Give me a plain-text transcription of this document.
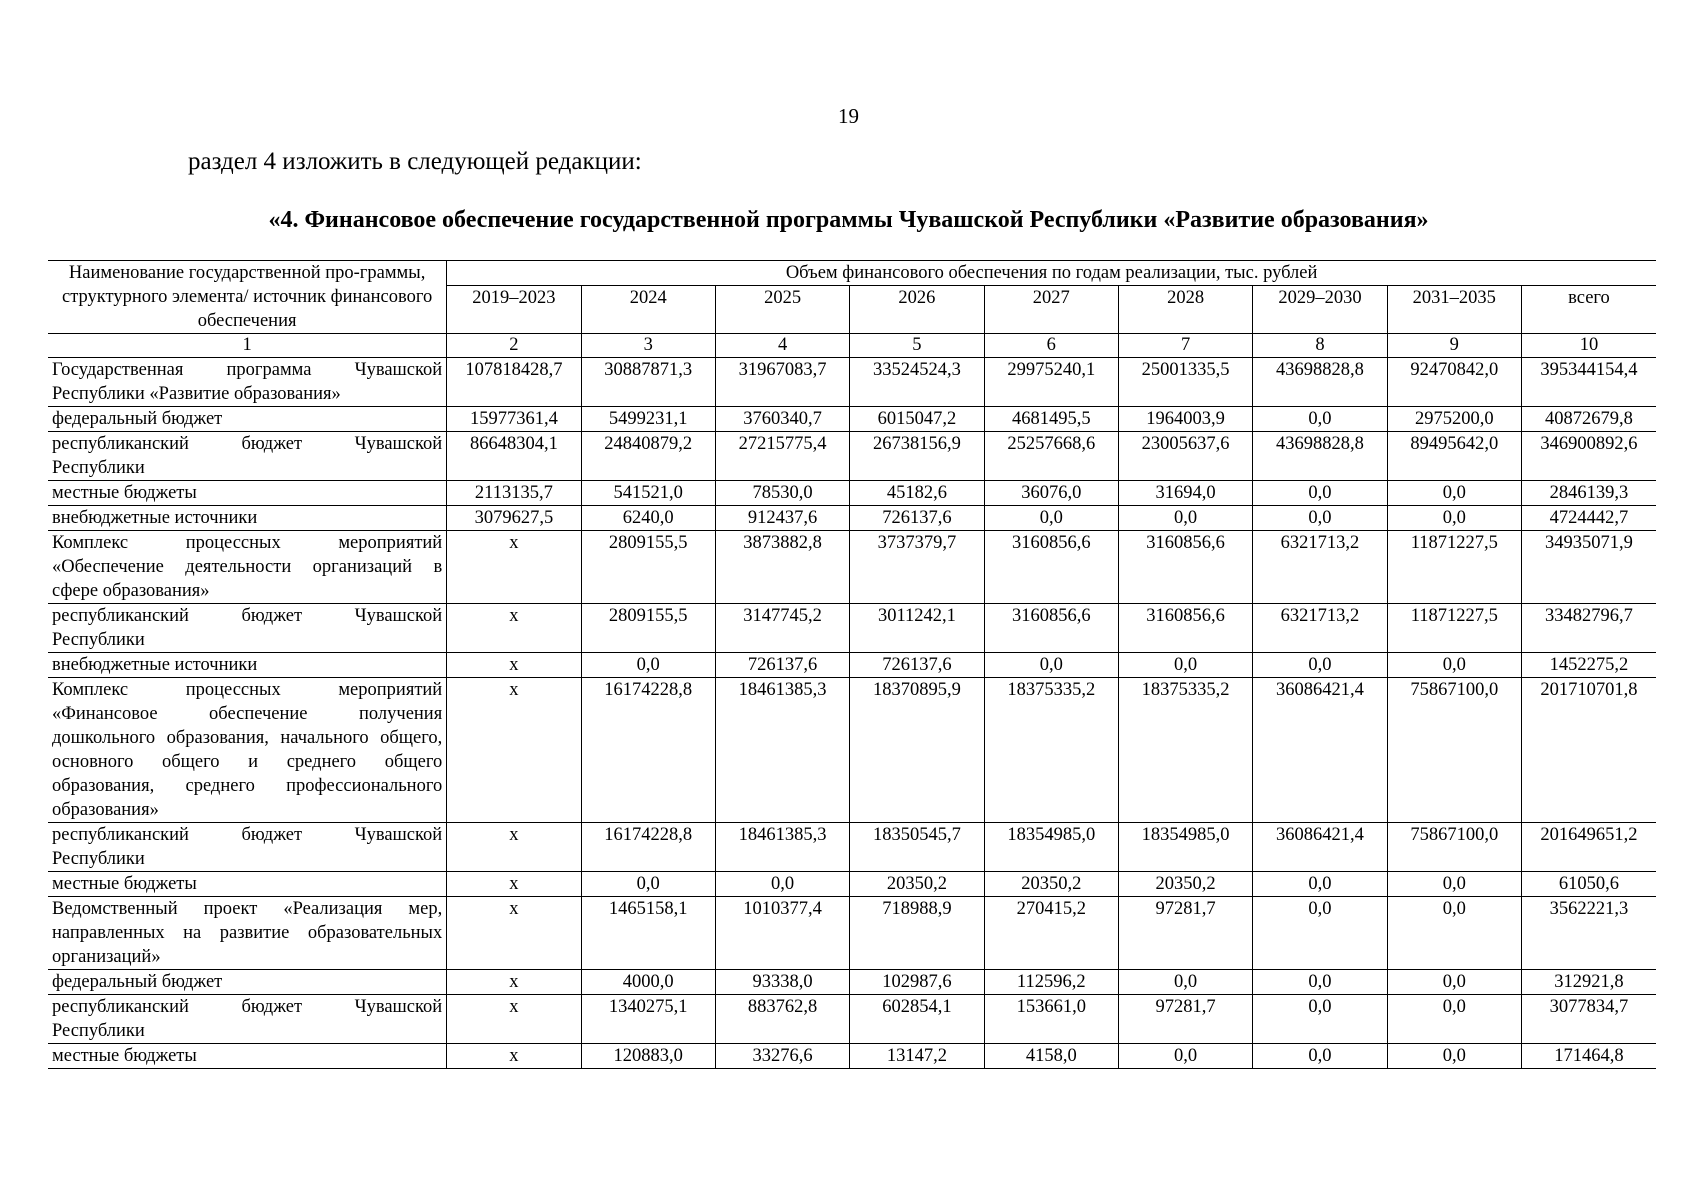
19
раздел 4 изложить в следующей редакции:
«4. Финансовое обеспечение государственной программы Чувашской Республики «Развитие образования»
Наименование государственной про-граммы, структурного элемента/ источник финансового обеспечения	Объем финансового обеспечения по годам реализации, тыс. рублей								
	2019–2023	2024	2025	2026	2027	2028	2029–2030	2031–2035	всего
1	2	3	4	5	6	7	8	9	10
Государственная программа Чувашской Республики «Развитие образования»	107818428,7	30887871,3	31967083,7	33524524,3	29975240,1	25001335,5	43698828,8	92470842,0	395344154,4
федеральный бюджет	15977361,4	5499231,1	3760340,7	6015047,2	4681495,5	1964003,9	0,0	2975200,0	40872679,8
республиканский бюджет Чувашской Республики	86648304,1	24840879,2	27215775,4	26738156,9	25257668,6	23005637,6	43698828,8	89495642,0	346900892,6
местные бюджеты	2113135,7	541521,0	78530,0	45182,6	36076,0	31694,0	0,0	0,0	2846139,3
внебюджетные источники	3079627,5	6240,0	912437,6	726137,6	0,0	0,0	0,0	0,0	4724442,7
Комплекс процессных мероприятий «Обеспечение деятельности организаций в сфере образования»	х	2809155,5	3873882,8	3737379,7	3160856,6	3160856,6	6321713,2	11871227,5	34935071,9
республиканский бюджет Чувашской Республики	х	2809155,5	3147745,2	3011242,1	3160856,6	3160856,6	6321713,2	11871227,5	33482796,7
внебюджетные источники	х	0,0	726137,6	726137,6	0,0	0,0	0,0	0,0	1452275,2
Комплекс процессных мероприятий «Финансовое обеспечение получения дошкольного образования, начального общего, основного общего и среднего общего образования, среднего профессионального образования»	х	16174228,8	18461385,3	18370895,9	18375335,2	18375335,2	36086421,4	75867100,0	201710701,8
республиканский бюджет Чувашской Республики	х	16174228,8	18461385,3	18350545,7	18354985,0	18354985,0	36086421,4	75867100,0	201649651,2
местные бюджеты	х	0,0	0,0	20350,2	20350,2	20350,2	0,0	0,0	61050,6
Ведомственный проект «Реализация мер, направленных на развитие образовательных организаций»	х	1465158,1	1010377,4	718988,9	270415,2	97281,7	0,0	0,0	3562221,3
федеральный бюджет	х	4000,0	93338,0	102987,6	112596,2	0,0	0,0	0,0	312921,8
республиканский бюджет Чувашской Республики	х	1340275,1	883762,8	602854,1	153661,0	97281,7	0,0	0,0	3077834,7
местные бюджеты	х	120883,0	33276,6	13147,2	4158,0	0,0	0,0	0,0	171464,8
